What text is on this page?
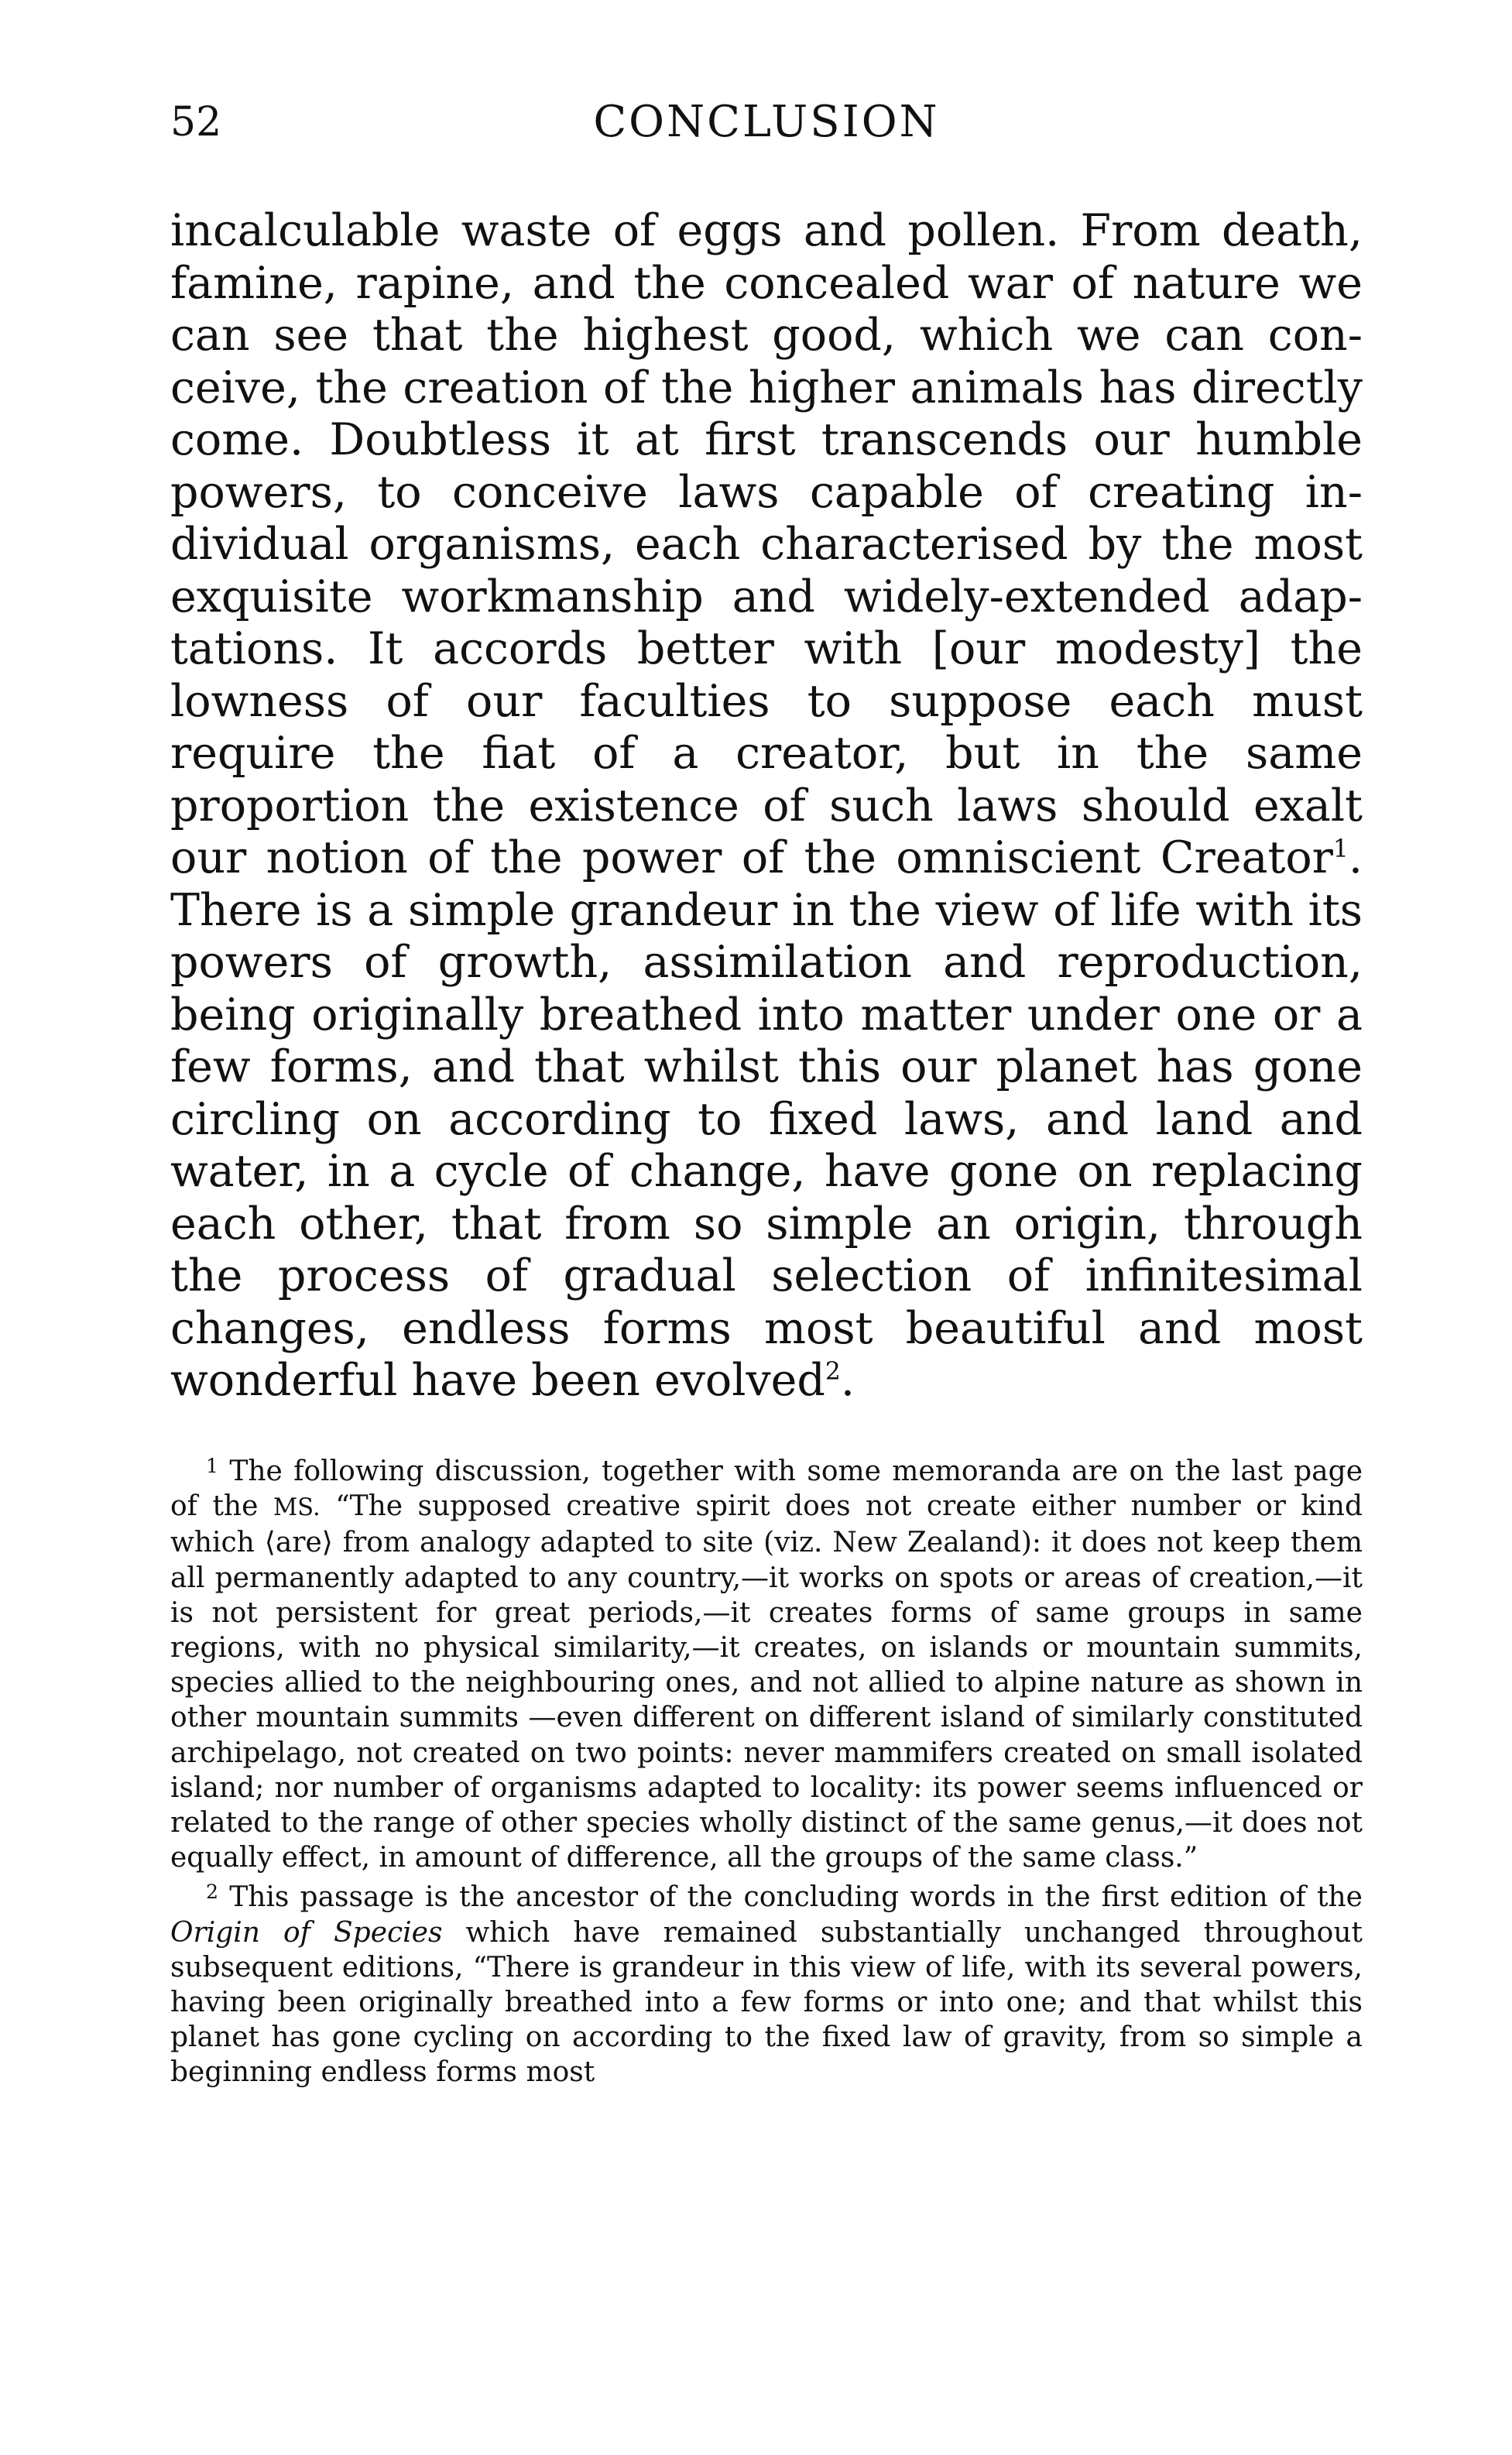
52	CONCLUSION

incalculable waste of eggs and pollen. From death, famine, rapine, and the concealed war of nature we can see that the highest good, which we can conceive, the creation of the higher animals has directly come. Doubtless it at first transcends our humble powers, to conceive laws capable of creating individual organisms, each characterised by the most exquisite workmanship and widely-extended adaptations. It accords better with [our modesty] the lowness of our faculties to suppose each must require the fiat of a creator, but in the same proportion the existence of such laws should exalt our notion of the power of the omniscient Creator$^1$. There is a simple grandeur in the view of life with its powers of growth, assimilation and reproduction, being originally breathed into matter under one or a few forms, and that whilst this our planet has gone circling on according to fixed laws, and land and water, in a cycle of change, have gone on replacing each other, that from so simple an origin, through the process of gradual selection of infinitesimal changes, endless forms most beautiful and most wonderful have been evolved$^2$.

$^1$ The following discussion, together with some memoranda are on the last page of the MS. “The supposed creative spirit does not create either number or kind which ⟨are⟩ from analogy adapted to site (viz. New Zealand): it does not keep them all permanently adapted to any country,—it works on spots or areas of creation,—it is not persistent for great periods,—it creates forms of same groups in same regions, with no physical similarity,—it creates, on islands or mountain summits, species allied to the neighbouring ones, and not allied to alpine nature as shown in other mountain summits —even different on different island of similarly constituted archipelago, not created on two points: never mammifers created on small isolated island; nor number of organisms adapted to locality: its power seems influenced or related to the range of other species wholly distinct of the same genus,—it does not equally effect, in amount of difference, all the groups of the same class.”

$^2$ This passage is the ancestor of the concluding words in the first edition of the Origin of Species which have remained substantially unchanged throughout subsequent editions, “There is grandeur in this view of life, with its several powers, having been originally breathed into a few forms or into one; and that whilst this planet has gone cycling on according to the fixed law of gravity, from so simple a beginning endless forms most
